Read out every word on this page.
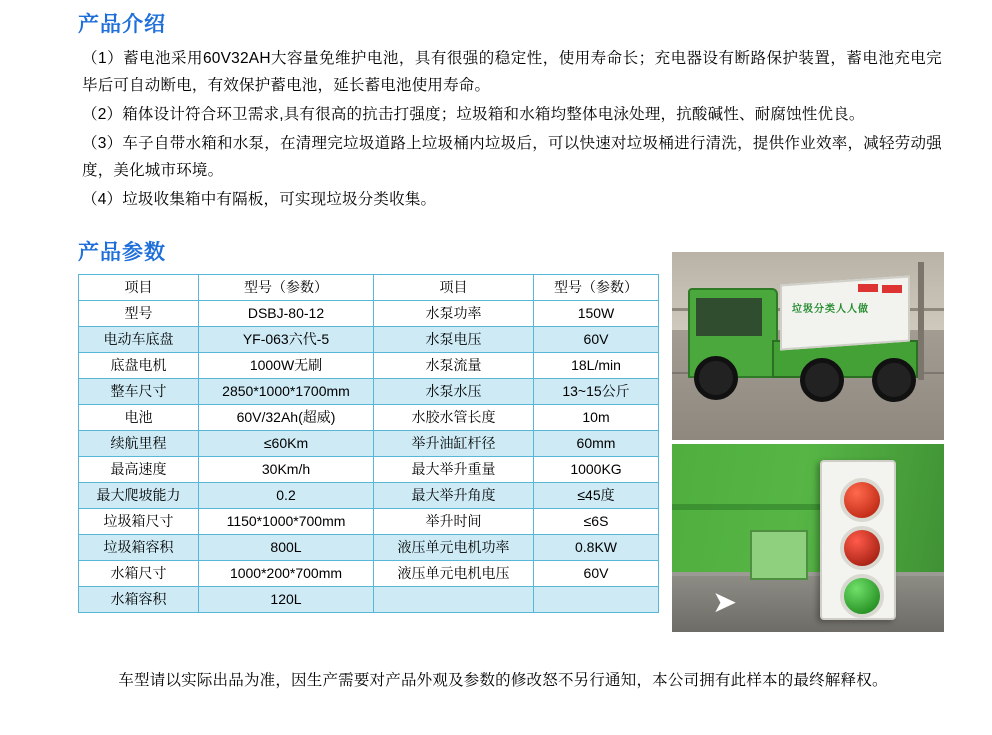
产品介绍

（1）蓄电池采用60V32AH大容量免维护电池，具有很强的稳定性，使用寿命长；充电器设有断路保护装置，蓄电池充电完毕后可自动断电，有效保护蓄电池，延长蓄电池使用寿命。

（2）箱体设计符合环卫需求,具有很高的抗击打强度；垃圾箱和水箱均整体电泳处理，抗酸碱性、耐腐蚀性优良。

（3）车子自带水箱和水泵，在清理完垃圾道路上垃圾桶内垃圾后，可以快速对垃圾桶进行清洗，提供作业效率，减轻劳动强度，美化城市环境。

（4）垃圾收集箱中有隔板，可实现垃圾分类收集。

产品参数
项目	型号（参数）	项目	型号（参数）
型号	DSBJ-80-12	水泵功率	150W
电动车底盘	YF-063六代-5	水泵电压	60V
底盘电机	1000W无刷	水泵流量	18L/min
整车尺寸	2850*1000*1700mm	水泵水压	13~15公斤
电池	60V/32Ah(超威)	水胶水管长度	10m
续航里程	≤60Km	举升油缸杆径	60mm
最高速度	30Km/h	最大举升重量	1000KG
最大爬坡能力	0.2	最大举升角度	≤45度
垃圾箱尺寸	1150*1000*700mm	举升时间	≤6S
垃圾箱容积	800L	液压单元电机功率	0.8KW
水箱尺寸	1000*200*700mm	液压单元电机电压	60V
水箱容积	120L		
垃圾分类人人做
➤
车型请以实际出品为准，因生产需要对产品外观及参数的修改怒不另行通知，本公司拥有此样本的最终解释权。
